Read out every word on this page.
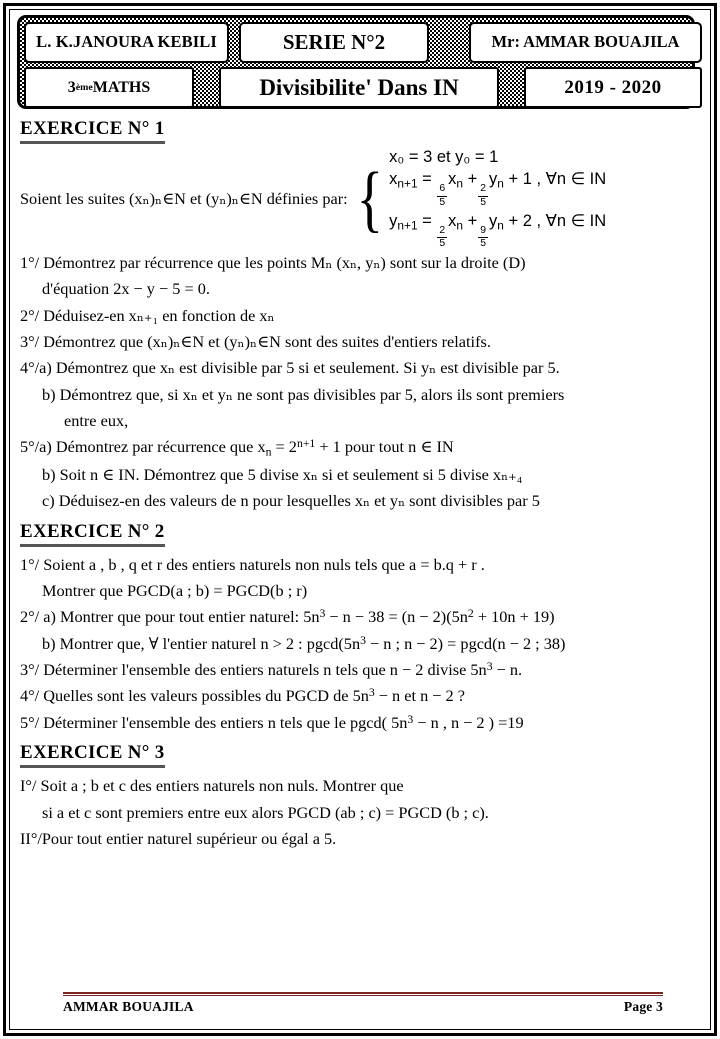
L. K.JANOURA KEBILI	SERIE N°2	Mr: AMMAR BOUAJILA
3 ème MATHS	Divisibilite' Dans IN	2019 - 2020
EXERCICE N° 1
Soient les suites (xₙ)ₙ∈N et (yₙ)ₙ∈N définies par: {
x₀ = 3 et y₀ = 1
$x_{n+1}$ =
$\frac{6}{5}$
$x_n$ +
$\frac{2}{5}$
$y_n + 1$ , ∀n ∈ IN
$y_{n+1}$ =
$\frac{2}{5}$
$x_n$ +
$\frac{9}{5}$
$y_n + 2$ , ∀n ∈ IN

1°/ Démontrez par récurrence que les points Mₙ (xₙ, yₙ) sont sur la droite (D)

d'équation 2x − y − 5 = 0.

2°/ Déduisez-en xₙ₊₁ en fonction de xₙ

3°/ Démontrez que (xₙ)ₙ∈N et (yₙ)ₙ∈N sont des suites d'entiers relatifs.

4°/a) Démontrez que xₙ est divisible par 5 si et seulement. Si yₙ est divisible par 5.

b) Démontrez que, si xₙ et yₙ ne sont pas divisibles par 5, alors ils sont premiers

entre eux,

5°/a) Démontrez par récurrence que $x_n = 2^{n+1} + 1$ pour tout n ∈ IN

b) Soit n ∈ IN. Démontrez que 5 divise xₙ si et seulement si 5 divise xₙ₊₄

c) Déduisez-en des valeurs de n pour lesquelles xₙ et yₙ sont divisibles par 5

EXERCICE N° 2

1°/ Soient a , b , q et r des entiers naturels non nuls tels que a = b.q + r .

Montrer que PGCD(a ; b) = PGCD(b ; r)

2°/ a) Montrer que pour tout entier naturel: $5n^3 - n - 38 = (n - 2)(5n^2 + 10n + 19)$

b) Montrer que, ∀ l'entier naturel n > 2 : $pgcd(5n^3 - n$ ; n − 2) = pgcd(n − 2 ; 38)

3°/ Déterminer l'ensemble des entiers naturels n tels que n − 2 divise $5n^3 - n$.

4°/ Quelles sont les valeurs possibles du PGCD de $5n^3 - n$ et n − 2 ?

5°/ Déterminer l'ensemble des entiers n tels que le pgcd( $5n^3 - n$ , n − 2 ) =19

EXERCICE N° 3

I°/ Soit a ; b et c des entiers naturels non nuls. Montrer que

si a et c sont premiers entre eux alors PGCD (ab ; c) = PGCD (b ; c).

II°/Pour tout entier naturel supérieur ou égal a 5.

AMMAR BOUAJILA	Page 3
